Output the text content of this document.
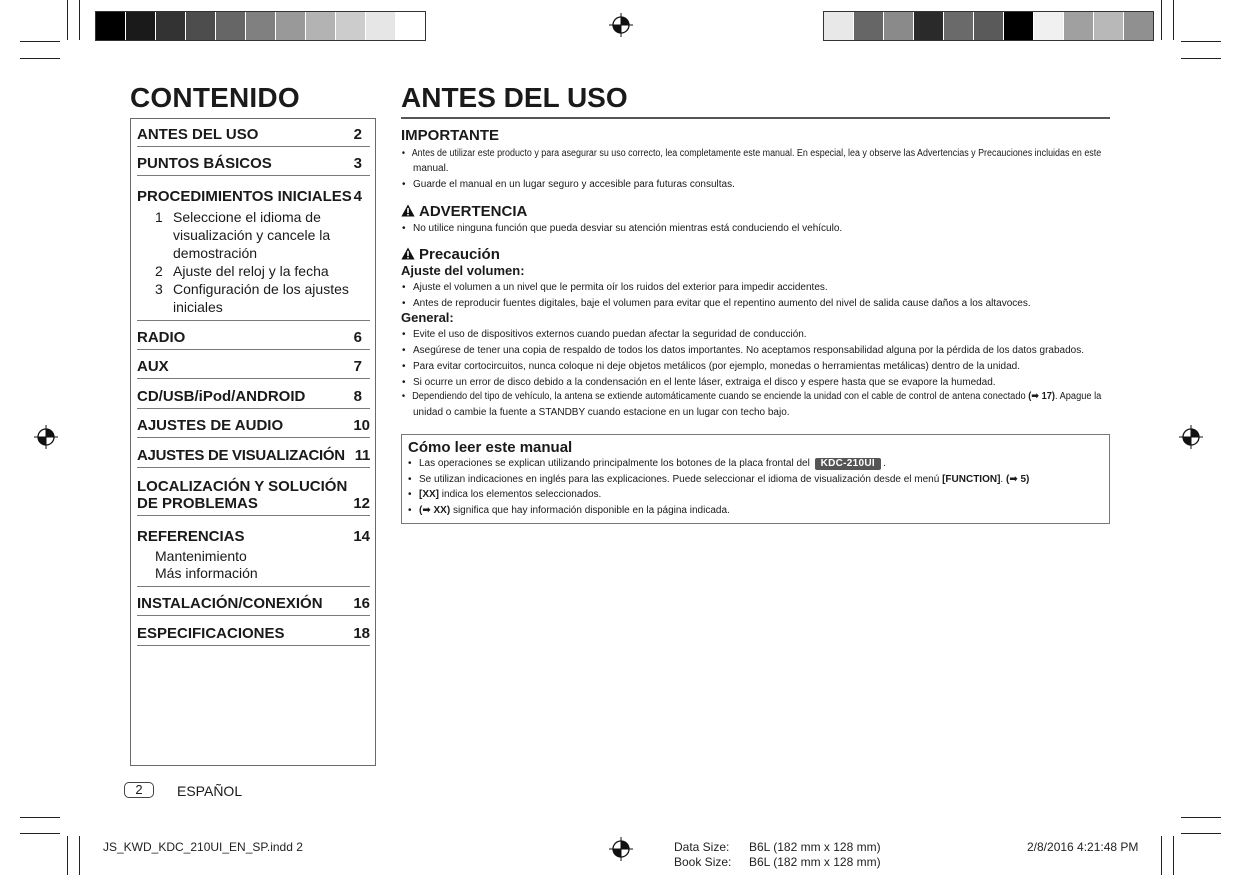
CONTENIDO
ANTES DEL USO	2
PUNTOS BÁSICOS	3
PROCEDIMIENTOS INICIALES 4
1 Seleccione el idioma de visualización y cancele la demostración
2 Ajuste del reloj y la fecha
3 Configuración de los ajustes iniciales
RADIO	6
AUX	7
CD/USB/iPod/ANDROID	8
AJUSTES DE AUDIO	10
AJUSTES DE VISUALIZACIÓN 11
LOCALIZACIÓN Y SOLUCIÓN
DE PROBLEMAS	12
REFERENCIAS	14
Mantenimiento
Más información
INSTALACIÓN/CONEXIÓN 16
ESPECIFICACIONES	18
2	ESPAÑOL
ANTES DEL USO
IMPORTANTE
• Antes de utilizar este producto y para asegurar su uso correcto, lea completamente este manual. En especial, lea y observe las Advertencias y Precauciones incluidas en este
manual.
• Guarde el manual en un lugar seguro y accesible para futuras consultas.
ADVERTENCIA
• No utilice ninguna función que pueda desviar su atención mientras está conduciendo el vehículo.
Precaución
Ajuste del volumen:
• Ajuste el volumen a un nivel que le permita oír los ruidos del exterior para impedir accidentes.
• Antes de reproducir fuentes digitales, baje el volumen para evitar que el repentino aumento del nivel de salida cause daños a los altavoces.
General:
• Evite el uso de dispositivos externos cuando puedan afectar la seguridad de conducción.
• Asegúrese de tener una copia de respaldo de todos los datos importantes. No aceptamos responsabilidad alguna por la pérdida de los datos grabados.
• Para evitar cortocircuitos, nunca coloque ni deje objetos metálicos (por ejemplo, monedas o herramientas metálicas) dentro de la unidad.
• Si ocurre un error de disco debido a la condensación en el lente láser, extraiga el disco y espere hasta que se evapore la humedad.
• Dependiendo del tipo de vehículo, la antena se extiende automáticamente cuando se enciende la unidad con el cable de control de antena conectado (➡ 17). Apague la
unidad o cambie la fuente a STANDBY cuando estacione en un lugar con techo bajo.
Cómo leer este manual
• Las operaciones se explican utilizando principalmente los botones de la placa frontal del KDC-210UI .
• Se utilizan indicaciones en inglés para las explicaciones. Puede seleccionar el idioma de visualización desde el menú [FUNCTION]. (➡ 5)
• [XX] indica los elementos seleccionados.
• (➡ XX) significa que hay información disponible en la página indicada.
JS_KWD_KDC_210UI_EN_SP.indd 2	Data Size: B6L (182 mm x 128 mm)
Book Size: B6L (182 mm x 128 mm)
2/8/2016 4:21:48 PM
